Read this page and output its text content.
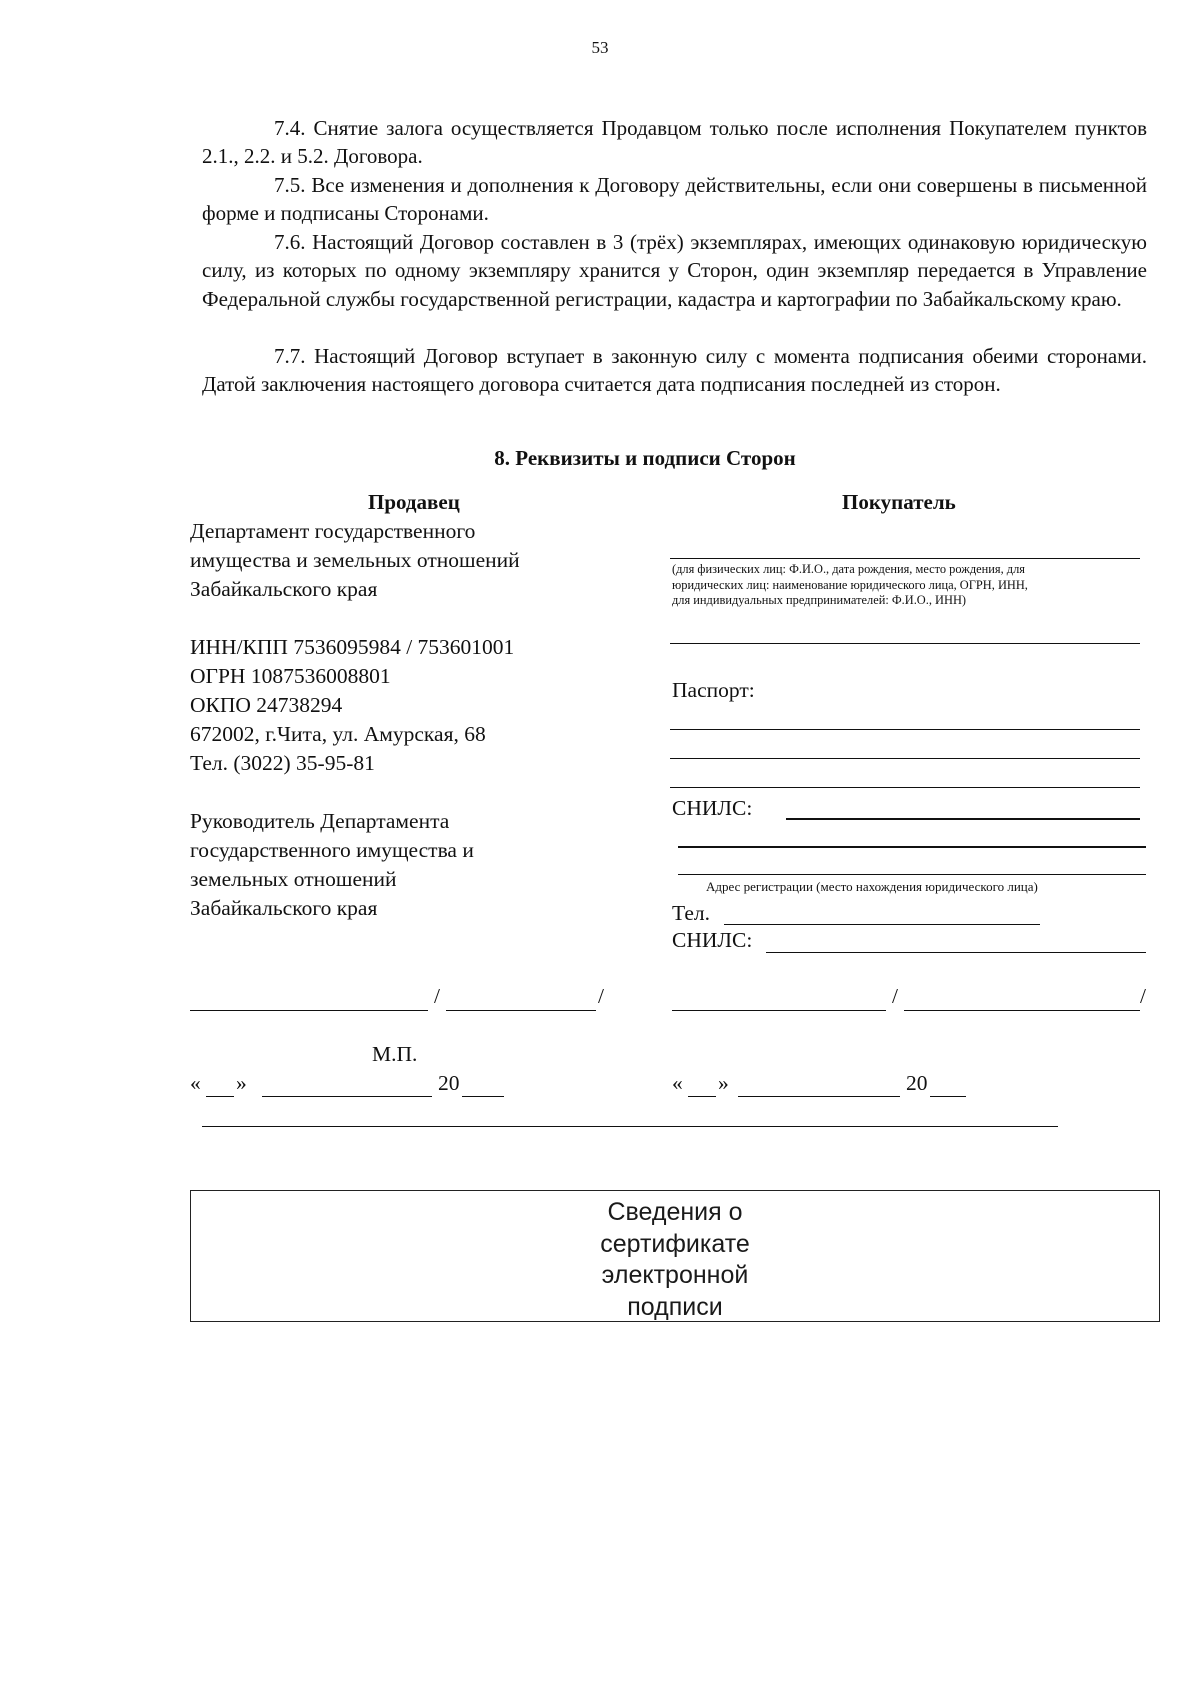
53
7.4. Снятие залога осуществляется Продавцом только после исполнения Покупателем пунктов 2.1., 2.2. и 5.2. Договора.
7.5. Все изменения и дополнения к Договору действительны, если они совершены в письменной форме и подписаны Сторонами.
7.6. Настоящий Договор составлен в 3 (трёх) экземплярах, имеющих одинаковую юридическую силу, из которых по одному экземпляру хранится у Сторон, один экземпляр передается в Управление Федеральной службы государственной регистрации, кадастра и картографии по Забайкальскому краю.
7.7. Настоящий Договор вступает в законную силу с момента подписания обеими сторонами. Датой заключения настоящего договора считается дата подписания последней из сторон.
8. Реквизиты и подписи Сторон
Продавец
Департамент государственного
имущества и земельных отношений
Забайкальского края
ИНН/КПП 7536095984 / 753601001
ОГРН 1087536008801
ОКПО 24738294
672002, г.Чита, ул. Амурская, 68
Тел. (3022) 35-95-81
Руководитель Департамента
государственного имущества и
земельных отношений
Забайкальского края
/	/
М.П.
« »	20
Покупатель
(для физических лиц: Ф.И.О., дата рождения, место рождения, для
юридических лиц: наименование юридического лица, ОГРН, ИНН,
для индивидуальных предпринимателей: Ф.И.О., ИНН)
Паспорт:
СНИЛС:
Адрес регистрации (место нахождения юридического лица)
Тел.
СНИЛС:
/	/
« »	20
Сведения о
сертификате
электронной
подписи
